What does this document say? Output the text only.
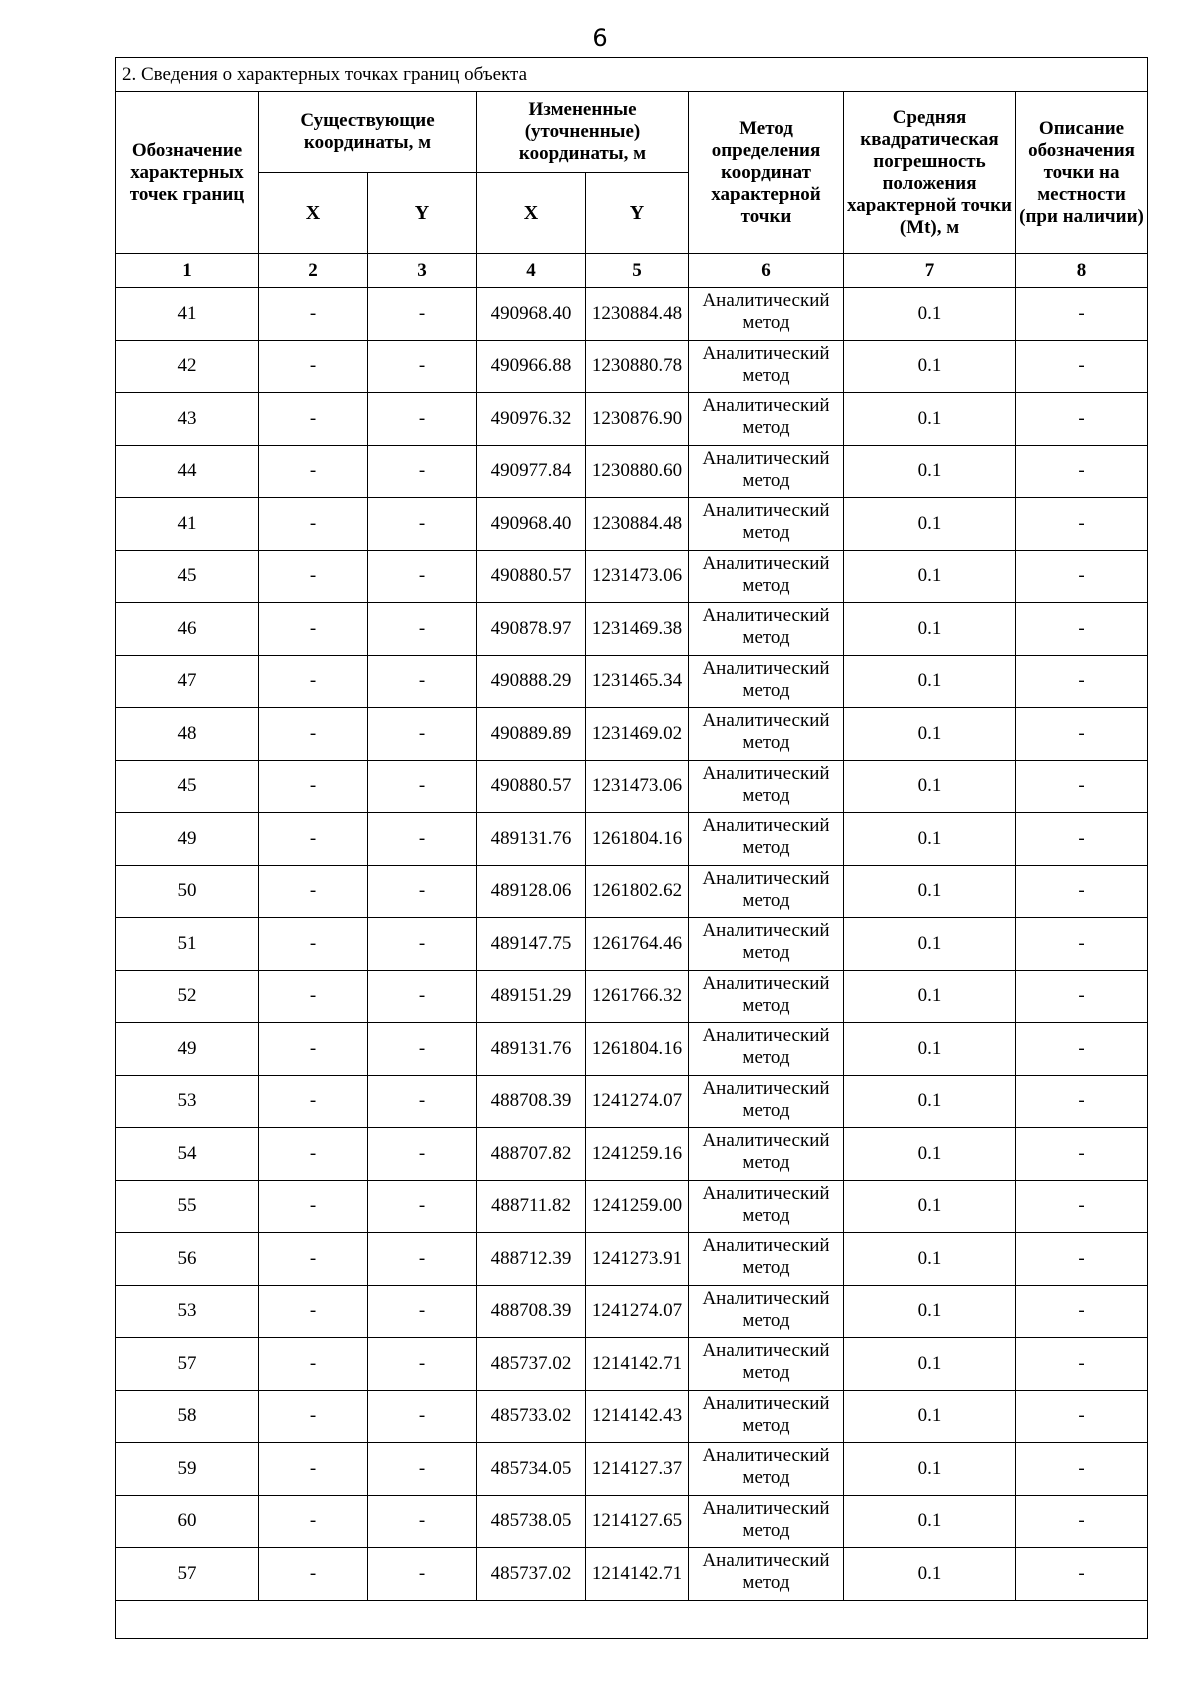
6
2. Сведения о характерных точках границ объекта							
Обозначение характерных точек границ	Существующие координаты, м		Измененные (уточненные) координаты, м		Метод определения координат характерной точки	Средняя квадратическая погрешность положения характерной точки (Mt), м	Описание обозначения точки на местности (при наличии)
	X	Y	X	Y			
1	2	3	4	5	6	7	8
41	-	-	490968.40	1230884.48	Аналитический метод	0.1	-
42	-	-	490966.88	1230880.78	Аналитический метод	0.1	-
43	-	-	490976.32	1230876.90	Аналитический метод	0.1	-
44	-	-	490977.84	1230880.60	Аналитический метод	0.1	-
41	-	-	490968.40	1230884.48	Аналитический метод	0.1	-
45	-	-	490880.57	1231473.06	Аналитический метод	0.1	-
46	-	-	490878.97	1231469.38	Аналитический метод	0.1	-
47	-	-	490888.29	1231465.34	Аналитический метод	0.1	-
48	-	-	490889.89	1231469.02	Аналитический метод	0.1	-
45	-	-	490880.57	1231473.06	Аналитический метод	0.1	-
49	-	-	489131.76	1261804.16	Аналитический метод	0.1	-
50	-	-	489128.06	1261802.62	Аналитический метод	0.1	-
51	-	-	489147.75	1261764.46	Аналитический метод	0.1	-
52	-	-	489151.29	1261766.32	Аналитический метод	0.1	-
49	-	-	489131.76	1261804.16	Аналитический метод	0.1	-
53	-	-	488708.39	1241274.07	Аналитический метод	0.1	-
54	-	-	488707.82	1241259.16	Аналитический метод	0.1	-
55	-	-	488711.82	1241259.00	Аналитический метод	0.1	-
56	-	-	488712.39	1241273.91	Аналитический метод	0.1	-
53	-	-	488708.39	1241274.07	Аналитический метод	0.1	-
57	-	-	485737.02	1214142.71	Аналитический метод	0.1	-
58	-	-	485733.02	1214142.43	Аналитический метод	0.1	-
59	-	-	485734.05	1214127.37	Аналитический метод	0.1	-
60	-	-	485738.05	1214127.65	Аналитический метод	0.1	-
57	-	-	485737.02	1214142.71	Аналитический метод	0.1	-
